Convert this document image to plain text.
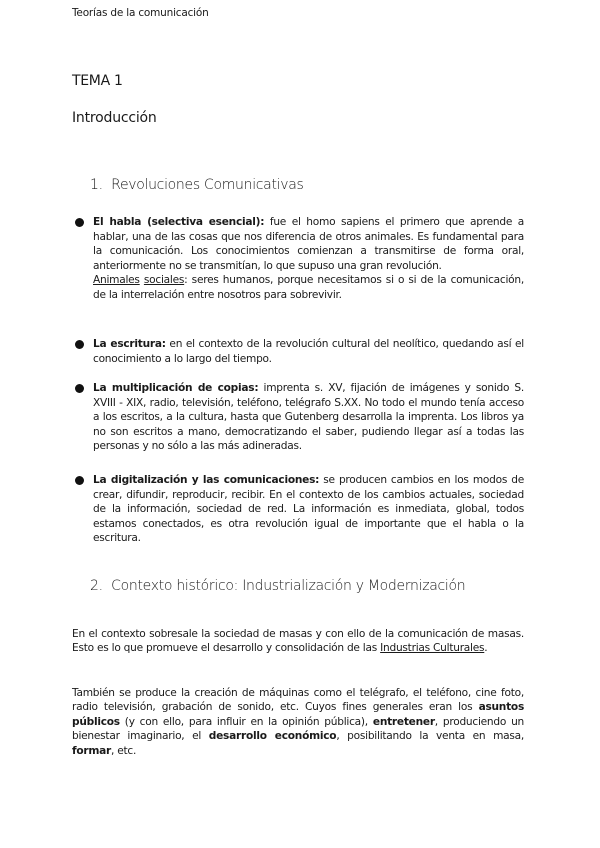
Teorías de la comunicación
TEMA 1
Introducción
1. Revoluciones Comunicativas

El habla (selectiva esencial): fue el homo sapiens el primero que aprende a hablar, una de las cosas que nos diferencia de otros animales. Es fundamental para la comunicación. Los conocimientos comienzan a transmitirse de forma oral, anteriormente no se transmitían, lo que supuso una gran revolución.
Animales sociales: seres humanos, porque necesitamos si o si de la comunicación, de la interrelación entre nosotros para sobrevivir.

La escritura: en el contexto de la revolución cultural del neolítico, quedando así el conocimiento a lo largo del tiempo.

La multiplicación de copias: imprenta s. XV, fijación de imágenes y sonido S. XVIII - XIX, radio, televisión, teléfono, telégrafo S.XX. No todo el mundo tenía acceso a los escritos, a la cultura, hasta que Gutenberg desarrolla la imprenta. Los libros ya no son escritos a mano, democratizando el saber, pudiendo llegar así a todas las personas y no sólo a las más adineradas.

La digitalización y las comunicaciones: se producen cambios en los modos de crear, difundir, reproducir, recibir. En el contexto de los cambios actuales, sociedad de la información, sociedad de red. La información es inmediata, global, todos estamos conectados, es otra revolución igual de importante que el habla o la escritura.

2. Contexto histórico: Industrialización y Modernización

En el contexto sobresale la sociedad de masas y con ello de la comunicación de masas. Esto es lo que promueve el desarrollo y consolidación de las Industrias Culturales.

También se produce la creación de máquinas como el telégrafo, el teléfono, cine foto, radio televisión, grabación de sonido, etc. Cuyos fines generales eran los asuntos públicos (y con ello, para influir en la opinión pública), entretener, produciendo un bienestar imaginario, el desarrollo económico, posibilitando la venta en masa, formar, etc.
